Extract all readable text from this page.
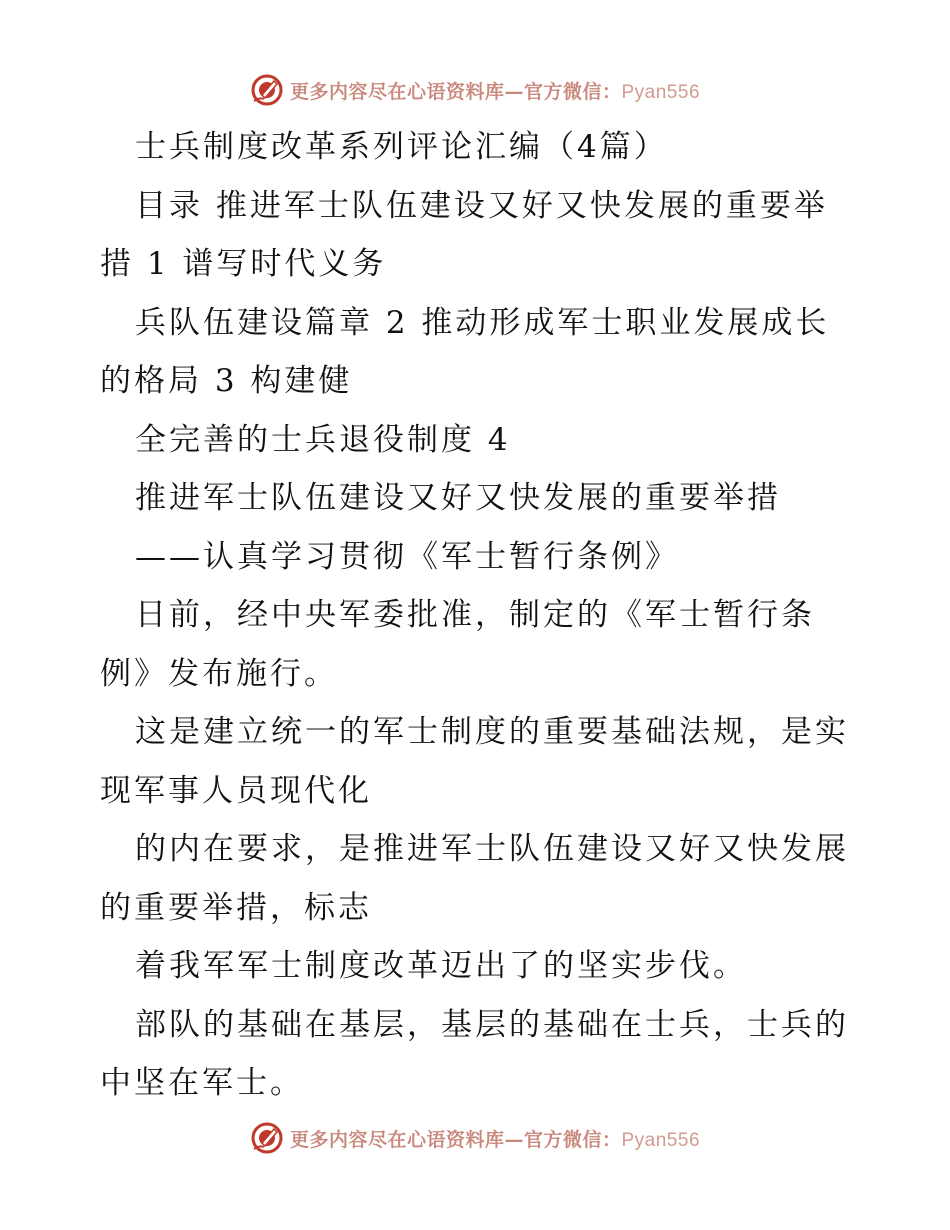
更多内容尽在心语资料库—官方微信：Pyan556
士兵制度改革系列评论汇编（4篇）
目录 推进军士队伍建设又好又快发展的重要举
措 1 谱写时代义务
兵队伍建设篇章 2 推动形成军士职业发展成长
的格局 3 构建健
全完善的士兵退役制度 4
推进军士队伍建设又好又快发展的重要举措
——认真学习贯彻《军士暂行条例》
日前，经中央军委批准，制定的《军士暂行条
例》发布施行。
这是建立统一的军士制度的重要基础法规，是实
现军事人员现代化
的内在要求，是推进军士队伍建设又好又快发展
的重要举措，标志
着我军军士制度改革迈出了的坚实步伐。
部队的基础在基层，基层的基础在士兵，士兵的
中坚在军士。
更多内容尽在心语资料库—官方微信：Pyan556
